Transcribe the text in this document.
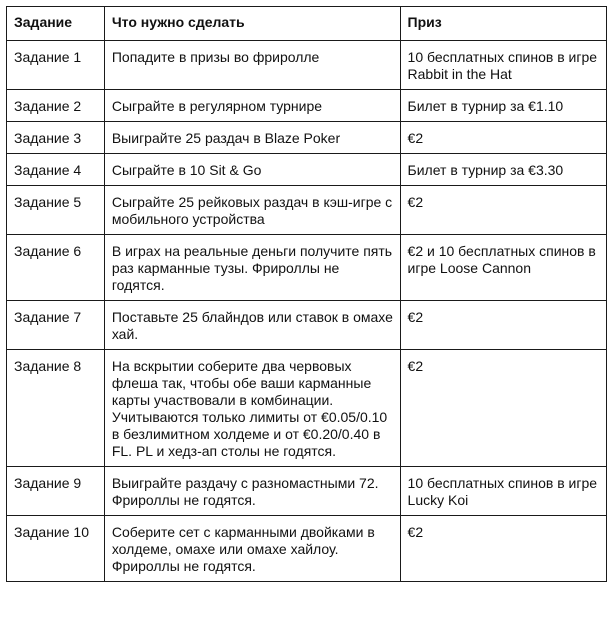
Задание	Что нужно сделать	Приз
Задание 1	Попадите в призы во фриролле	10 бесплатных спинов в игре Rabbit in the Hat
Задание 2	Сыграйте в регулярном турнире	Билет в турнир за €1.10
Задание 3	Выиграйте 25 раздач в Blaze Poker	€2
Задание 4	Сыграйте в 10 Sit & Go	Билет в турнир за €3.30
Задание 5	Сыграйте 25 рейковых раздач в кэш-игре с мобильного устройства	€2
Задание 6	В играх на реальные деньги получите пять раз карманные тузы. Фрироллы не годятся.	€2 и 10 бесплатных спинов в игре Loose Cannon
Задание 7	Поставьте 25 блайндов или ставок в омахе хай.	€2
Задание 8	На вскрытии соберите два червовых флеша так, чтобы обе ваши карманные карты участвовали в комбинации. Учитываются только лимиты от €0.05/0.10 в безлимитном холдеме и от €0.20/0.40 в FL. PL и хедз-ап столы не годятся.	€2
Задание 9	Выиграйте раздачу с разномастными 72. Фрироллы не годятся.	10 бесплатных спинов в игре Lucky Koi
Задание 10	Соберите сет с карманными двойками в холдеме, омахе или омахе хайлоу. Фрироллы не годятся.	€2
